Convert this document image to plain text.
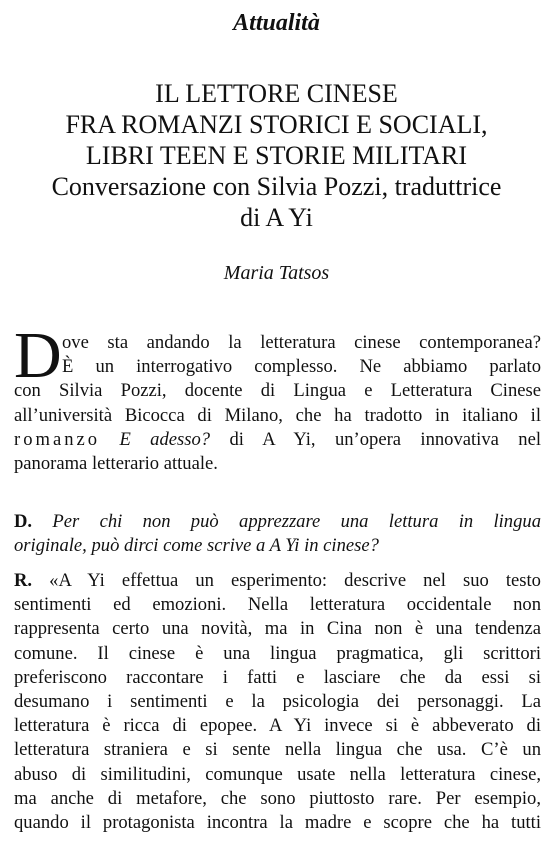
Attualità
IL LETTORE CINESE
FRA ROMANZI STORICI E SOCIALI,
LIBRI TEEN E STORIE MILITARI
Conversazione con Silvia Pozzi, traduttrice
di A Yi
Maria Tatsos
D ove sta andando la letteratura cinese contemporanea?
È un interrogativo complesso. Ne abbiamo parlato
con Silvia Pozzi, docente di Lingua e Letteratura Cinese
all’università Bicocca di Milano, che ha tradotto in italiano il
romanzo E adesso? di A Yi, un’opera innovativa nel
panorama letterario attuale.
D. Per chi non può apprezzare una lettura in lingua
originale, può dirci come scrive a A Yi in cinese?
R. «A Yi effettua un esperimento: descrive nel suo testo
sentimenti ed emozioni. Nella letteratura occidentale non
rappresenta certo una novità, ma in Cina non è una tendenza
comune. Il cinese è una lingua pragmatica, gli scrittori
preferiscono raccontare i fatti e lasciare che da essi si
desumano i sentimenti e la psicologia dei personaggi. La
letteratura è ricca di epopee. A Yi invece si è abbeverato di
letteratura straniera e si sente nella lingua che usa. C’è un
abuso di similitudini, comunque usate nella letteratura cinese,
ma anche di metafore, che sono piuttosto rare. Per esempio,
quando il protagonista incontra la madre e scopre che ha tutti
